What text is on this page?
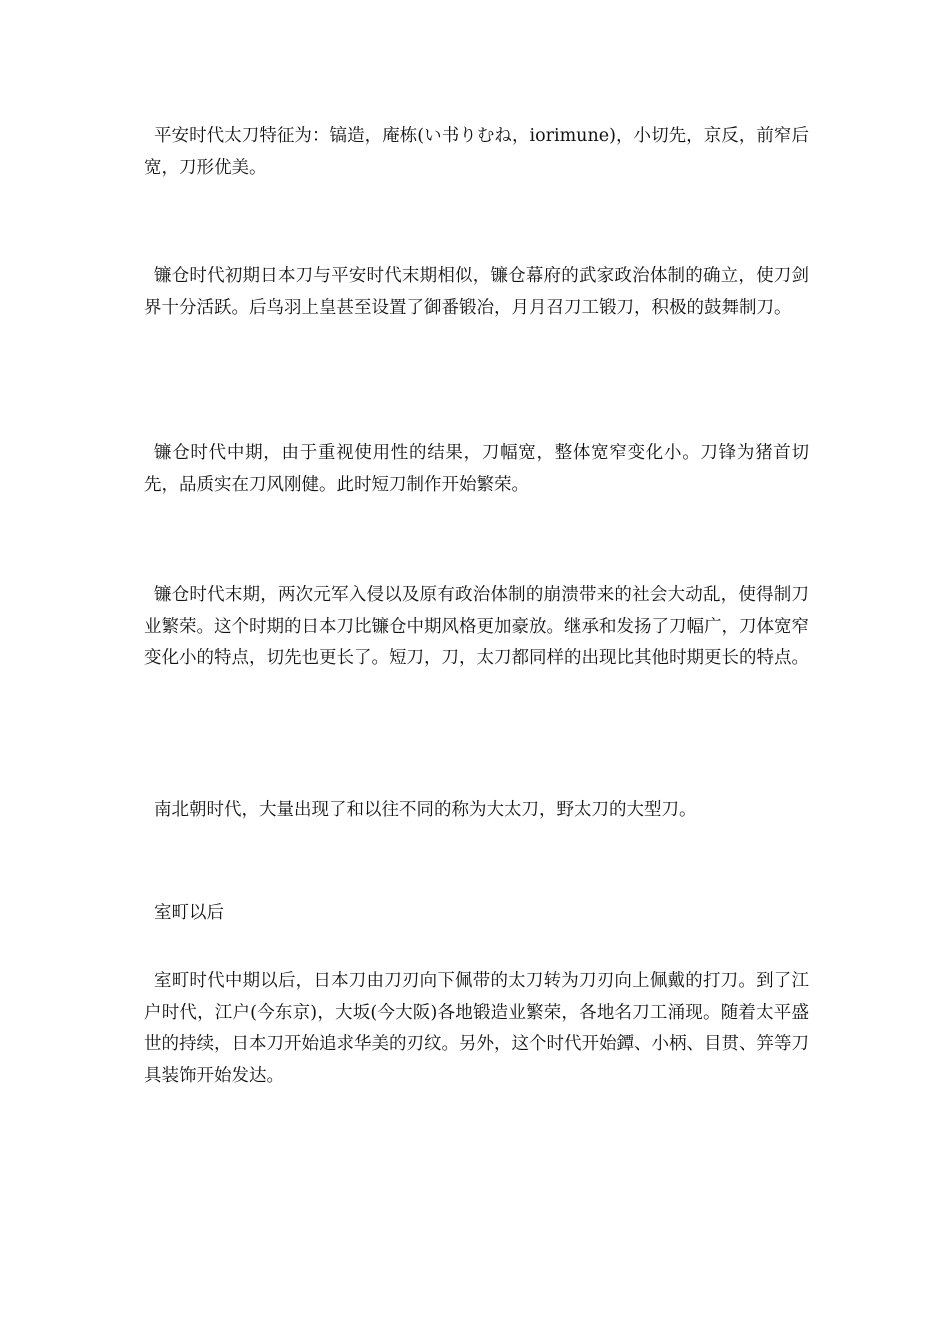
平安时代太刀特征为：镐造，庵栋(い书りむね，iorimune)，小切先，京反，前窄后宽，刀形优美。

镰仓时代初期日本刀与平安时代末期相似，镰仓幕府的武家政治体制的确立，使刀剑界十分活跃。后鸟羽上皇甚至设置了御番锻冶，月月召刀工锻刀，积极的鼓舞制刀。

镰仓时代中期，由于重视使用性的结果，刀幅宽，整体宽窄变化小。刀锋为猪首切先，品质实在刀风刚健。此时短刀制作开始繁荣。

镰仓时代末期，两次元军入侵以及原有政治体制的崩溃带来的社会大动乱，使得制刀业繁荣。这个时期的日本刀比镰仓中期风格更加豪放。继承和发扬了刀幅广，刀体宽窄变化小的特点，切先也更长了。短刀，刀，太刀都同样的出现比其他时期更长的特点。

南北朝时代，大量出现了和以往不同的称为大太刀，野太刀的大型刀。

室町以后

室町时代中期以后，日本刀由刀刃向下佩带的太刀转为刀刃向上佩戴的打刀。到了江户时代，江户(今东京)，大坂(今大阪)各地锻造业繁荣，各地名刀工涌现。随着太平盛世的持续，日本刀开始追求华美的刃纹。另外，这个时代开始鐔、小柄、目贯、笄等刀具装饰开始发达。
